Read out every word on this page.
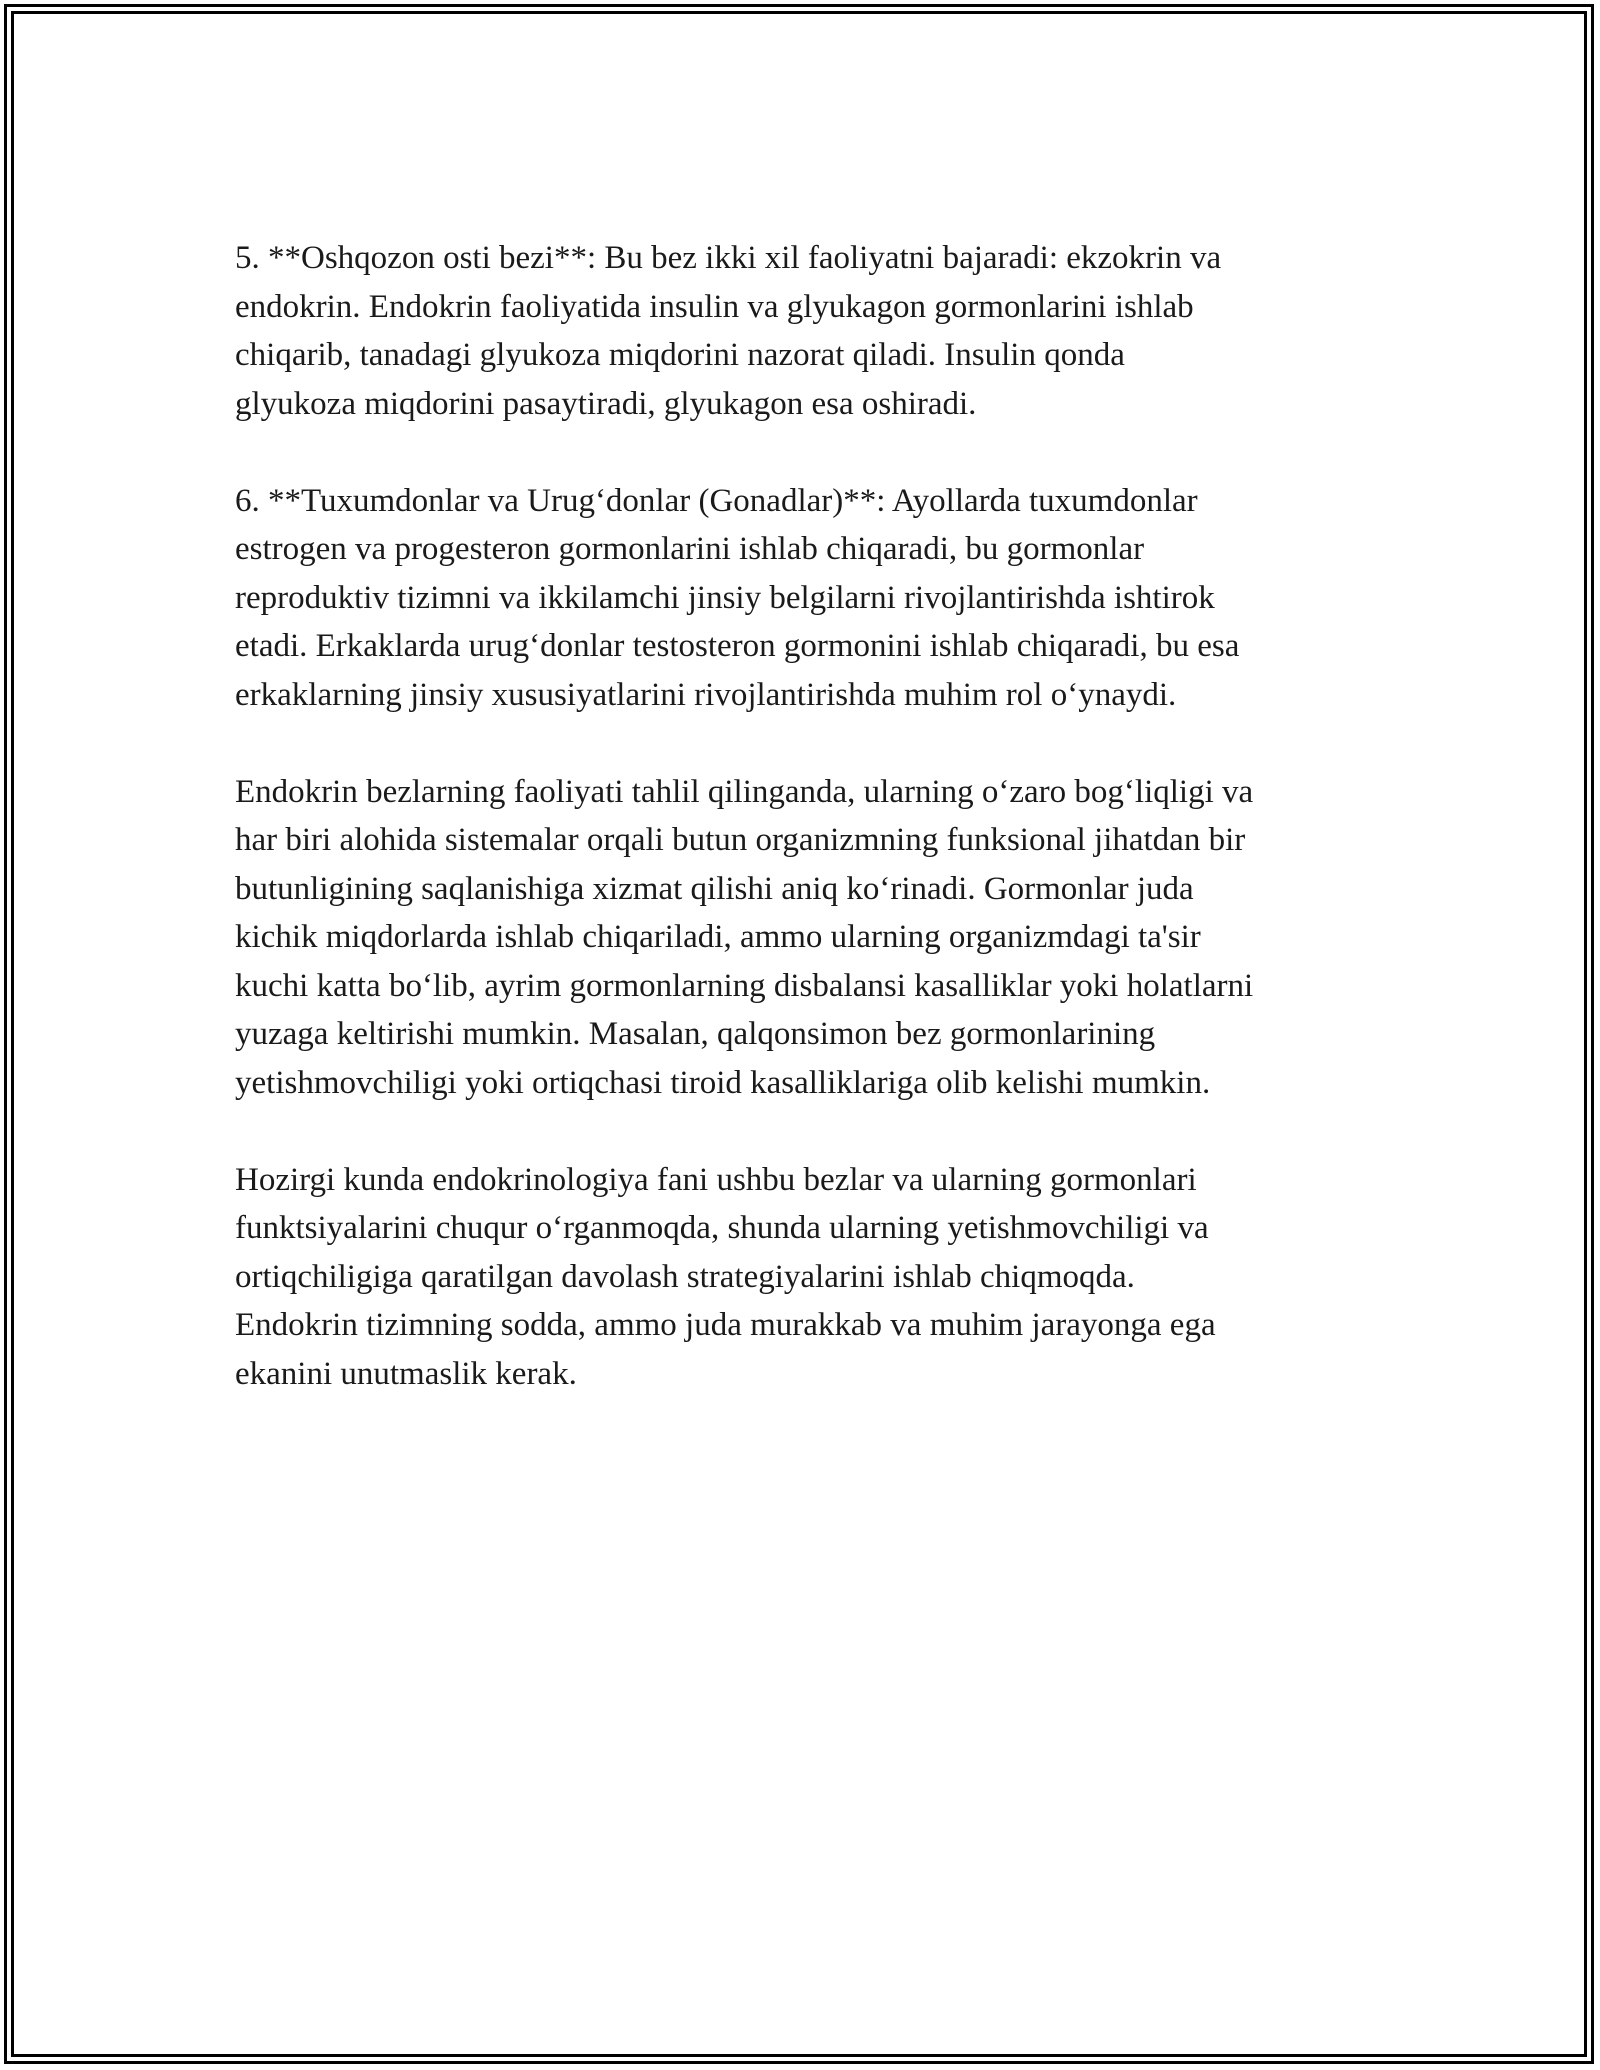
5. **Oshqozon osti bezi**: Bu bez ikki xil faoliyatni bajaradi: ekzokrin va
endokrin. Endokrin faoliyatida insulin va glyukagon gormonlarini ishlab
chiqarib, tanadagi glyukoza miqdorini nazorat qiladi. Insulin qonda
glyukoza miqdorini pasaytiradi, glyukagon esa oshiradi.

6. **Tuxumdonlar va Urug‘donlar (Gonadlar)**: Ayollarda tuxumdonlar
estrogen va progesteron gormonlarini ishlab chiqaradi, bu gormonlar
reproduktiv tizimni va ikkilamchi jinsiy belgilarni rivojlantirishda ishtirok
etadi. Erkaklarda urug‘donlar testosteron gormonini ishlab chiqaradi, bu esa
erkaklarning jinsiy xususiyatlarini rivojlantirishda muhim rol o‘ynaydi.

Endokrin bezlarning faoliyati tahlil qilinganda, ularning o‘zaro bog‘liqligi va
har biri alohida sistemalar orqali butun organizmning funksional jihatdan bir
butunligining saqlanishiga xizmat qilishi aniq ko‘rinadi. Gormonlar juda
kichik miqdorlarda ishlab chiqariladi, ammo ularning organizmdagi ta'sir
kuchi katta bo‘lib, ayrim gormonlarning disbalansi kasalliklar yoki holatlarni
yuzaga keltirishi mumkin. Masalan, qalqonsimon bez gormonlarining
yetishmovchiligi yoki ortiqchasi tiroid kasalliklariga olib kelishi mumkin.

Hozirgi kunda endokrinologiya fani ushbu bezlar va ularning gormonlari
funktsiyalarini chuqur o‘rganmoqda, shunda ularning yetishmovchiligi va
ortiqchiligiga qaratilgan davolash strategiyalarini ishlab chiqmoqda.
Endokrin tizimning sodda, ammo juda murakkab va muhim jarayonga ega
ekanini unutmaslik kerak.
